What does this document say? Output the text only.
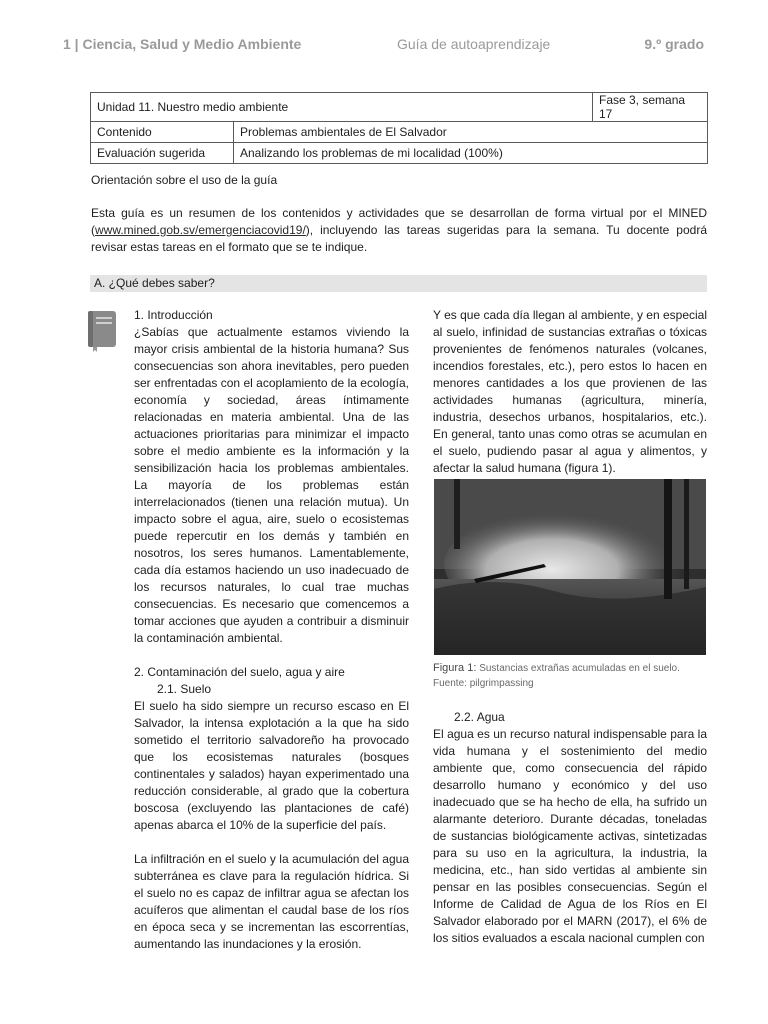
1 | Ciencia, Salud y Medio Ambiente	Guía de autoaprendizaje	9.º grado
Unidad 11. Nuestro medio ambiente		Fase 3, semana 17
Contenido	Problemas ambientales de El Salvador	
Evaluación sugerida	Analizando los problemas de mi localidad (100%)	

Orientación sobre el uso de la guía

Esta guía es un resumen de los contenidos y actividades que se desarrollan de forma virtual por el MINED (www.mined.gob.sv/emergenciacovid19/), incluyendo las tareas sugeridas para la semana. Tu docente podrá revisar estas tareas en el formato que se te indique.

A. ¿Qué debes saber?

1. Introducción

¿Sabías que actualmente estamos viviendo la mayor crisis ambiental de la historia humana? Sus consecuencias son ahora inevitables, pero pueden ser enfrentadas con el acoplamiento de la ecología, economía y sociedad, áreas íntimamente relacionadas en materia ambiental. Una de las actuaciones prioritarias para minimizar el impacto sobre el medio ambiente es la información y la sensibilización hacia los problemas ambientales. La mayoría de los problemas están interrelacionados (tienen una relación mutua). Un impacto sobre el agua, aire, suelo o ecosistemas puede repercutir en los demás y también en nosotros, los seres humanos. Lamentablemente, cada día estamos haciendo un uso inadecuado de los recursos naturales, lo cual trae muchas consecuencias. Es necesario que comencemos a tomar acciones que ayuden a contribuir a disminuir la contaminación ambiental.

2. Contaminación del suelo, agua y aire

2.1. Suelo

El suelo ha sido siempre un recurso escaso en El Salvador, la intensa explotación a la que ha sido sometido el territorio salvadoreño ha provocado que los ecosistemas naturales (bosques continentales y salados) hayan experimentado una reducción considerable, al grado que la cobertura boscosa (excluyendo las plantaciones de café) apenas abarca el 10% de la superficie del país.

La infiltración en el suelo y la acumulación del agua subterránea es clave para la regulación hídrica. Si el suelo no es capaz de infiltrar agua se afectan los acuíferos que alimentan el caudal base de los ríos en época seca y se incrementan las escorrentías, aumentando las inundaciones y la erosión.

Y es que cada día llegan al ambiente, y en especial al suelo, infinidad de sustancias extrañas o tóxicas provenientes de fenómenos naturales (volcanes, incendios forestales, etc.), pero estos lo hacen en menores cantidades a los que provienen de las actividades humanas (agricultura, minería, industria, desechos urbanos, hospitalarios, etc.). En general, tanto unas como otras se acumulan en el suelo, pudiendo pasar al agua y alimentos, y afectar la salud humana (figura 1).

Figura 1: Sustancias extrañas acumuladas en el suelo. Fuente: pilgrimpassing

2.2. Agua

El agua es un recurso natural indispensable para la vida humana y el sostenimiento del medio ambiente que, como consecuencia del rápido desarrollo humano y económico y del uso inadecuado que se ha hecho de ella, ha sufrido un alarmante deterioro. Durante décadas, toneladas de sustancias biológicamente activas, sintetizadas para su uso en la agricultura, la industria, la medicina, etc., han sido vertidas al ambiente sin pensar en las posibles consecuencias. Según el Informe de Calidad de Agua de los Ríos en El Salvador elaborado por el MARN (2017), el 6% de los sitios evaluados a escala nacional cumplen con
